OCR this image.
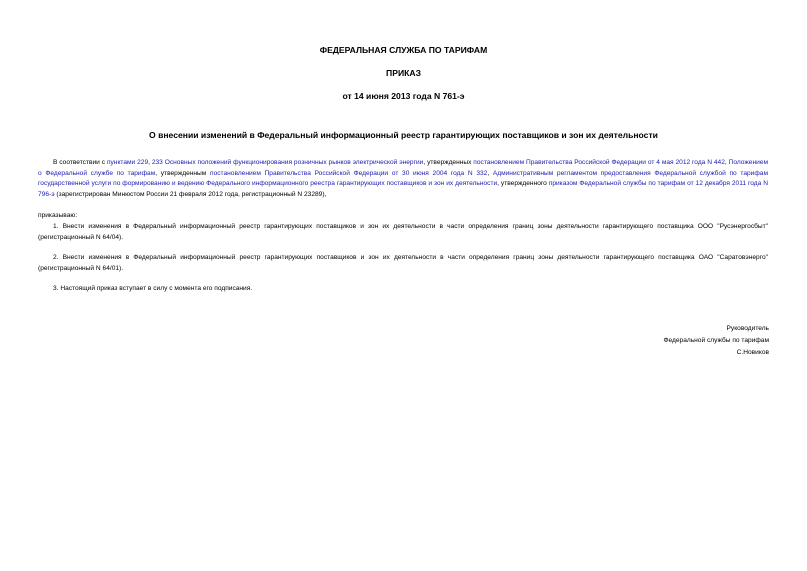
ФЕДЕРАЛЬНАЯ СЛУЖБА ПО ТАРИФАМ
ПРИКАЗ
от 14 июня 2013 года N 761-э
О внесении изменений в Федеральный информационный реестр гарантирующих поставщиков и зон их деятельности
В соответствии с пунктами 229, 233 Основных положений функционирования розничных рынков электрической энергии, утвержденных постановлением Правительства Российской Федерации от 4 мая 2012 года N 442, Положением о Федеральной службе по тарифам, утвержденным постановлением Правительства Российской Федерации от 30 июня 2004 года N 332, Административным регламентом предоставления Федеральной службой по тарифам государственной услуги по формированию и ведению Федерального информационного реестра гарантирующих поставщиков и зон их деятельности, утвержденного приказом Федеральной службы по тарифам от 12 декабря 2011 года N 796-э (зарегистрирован Минюстом России 21 февраля 2012 года, регистрационный N 23289),
приказываю:
1. Внести изменения в Федеральный информационный реестр гарантирующих поставщиков и зон их деятельности в части определения границ зоны деятельности гарантирующего поставщика ООО "Русэнергосбыт" (регистрационный N 64/04).
2. Внести изменения в Федеральный информационный реестр гарантирующих поставщиков и зон их деятельности в части определения границ зоны деятельности гарантирующего поставщика ОАО "Саратовэнерго" (регистрационный N 64/01).
3. Настоящий приказ вступает в силу с момента его подписания.
Руководитель
Федеральной службы по тарифам
С.Новиков
